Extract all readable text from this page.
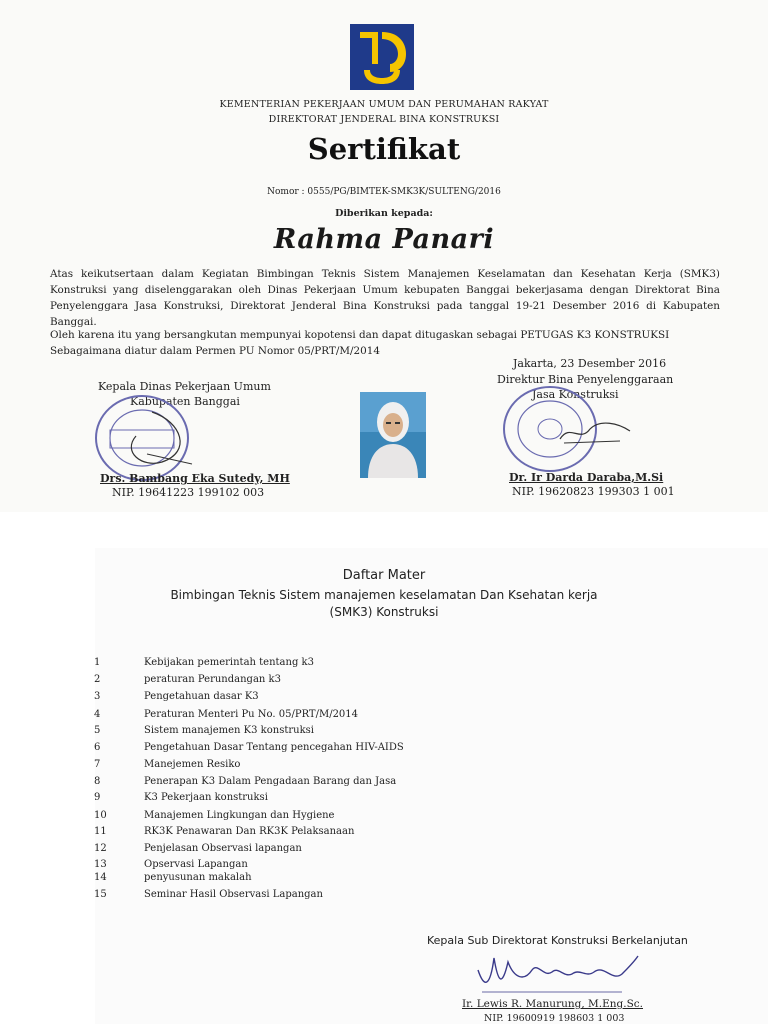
KEMENTERIAN PEKERJAAN UMUM DAN PERUMAHAN RAKYAT
DIREKTORAT JENDERAL BINA KONSTRUKSI
Sertifikat
Nomor : 0555/PG/BIMTEK-SMK3K/SULTENG/2016
Diberikan kepada:
Rahma Panari
Atas keikutsertaan dalam Kegiatan Bimbingan Teknis Sistem Manajemen Keselamatan dan Kesehatan Kerja (SMK3) Konstruksi yang diselenggarakan oleh Dinas Pekerjaan Umum kebupaten Banggai bekerjasama dengan Direktorat Bina Penyelenggara Jasa Konstruksi, Direktorat Jenderal Bina Konstruksi pada tanggal 19-21 Desember 2016 di Kabupaten Banggai.
Oleh karena itu yang bersangkutan mempunyai kopotensi dan dapat ditugaskan sebagai PETUGAS K3 KONSTRUKSI
Sebagaimana diatur dalam Permen PU Nomor 05/PRT/M/2014
Kepala Dinas Pekerjaan Umum
Kabupaten Banggai
Drs. Bambang Eka Sutedy, MH
NIP. 19641223 199102 003
Jakarta, 23 Desember 2016
Direktur Bina Penyelenggaraan
Jasa Konstruksi
Dr. Ir Darda Daraba,M.Si
NIP. 19620823 199303 1 001
Daftar Mater
Bimbingan Teknis Sistem manajemen keselamatan Dan Ksehatan kerja
(SMK3) Konstruksi
1	Kebijakan pemerintah tentang k3
2	peraturan Perundangan k3
3	Pengetahuan dasar K3
4	Peraturan Menteri Pu No. 05/PRT/M/2014
5	Sistem manajemen K3 konstruksi
6	Pengetahuan Dasar Tentang pencegahan HIV-AIDS
7	Manejemen Resiko
8	Penerapan K3 Dalam Pengadaan Barang dan Jasa
9	K3 Pekerjaan konstruksi
10	Manajemen Lingkungan dan Hygiene
11	RK3K Penawaran Dan RK3K Pelaksanaan
12	Penjelasan Observasi lapangan
13	Opservasi Lapangan
14	penyusunan makalah
15	Seminar Hasil Observasi Lapangan
Kepala Sub Direktorat Konstruksi Berkelanjutan
Ir. Lewis R. Manurung, M.Eng.Sc.
NIP. 19600919 198603 1 003
